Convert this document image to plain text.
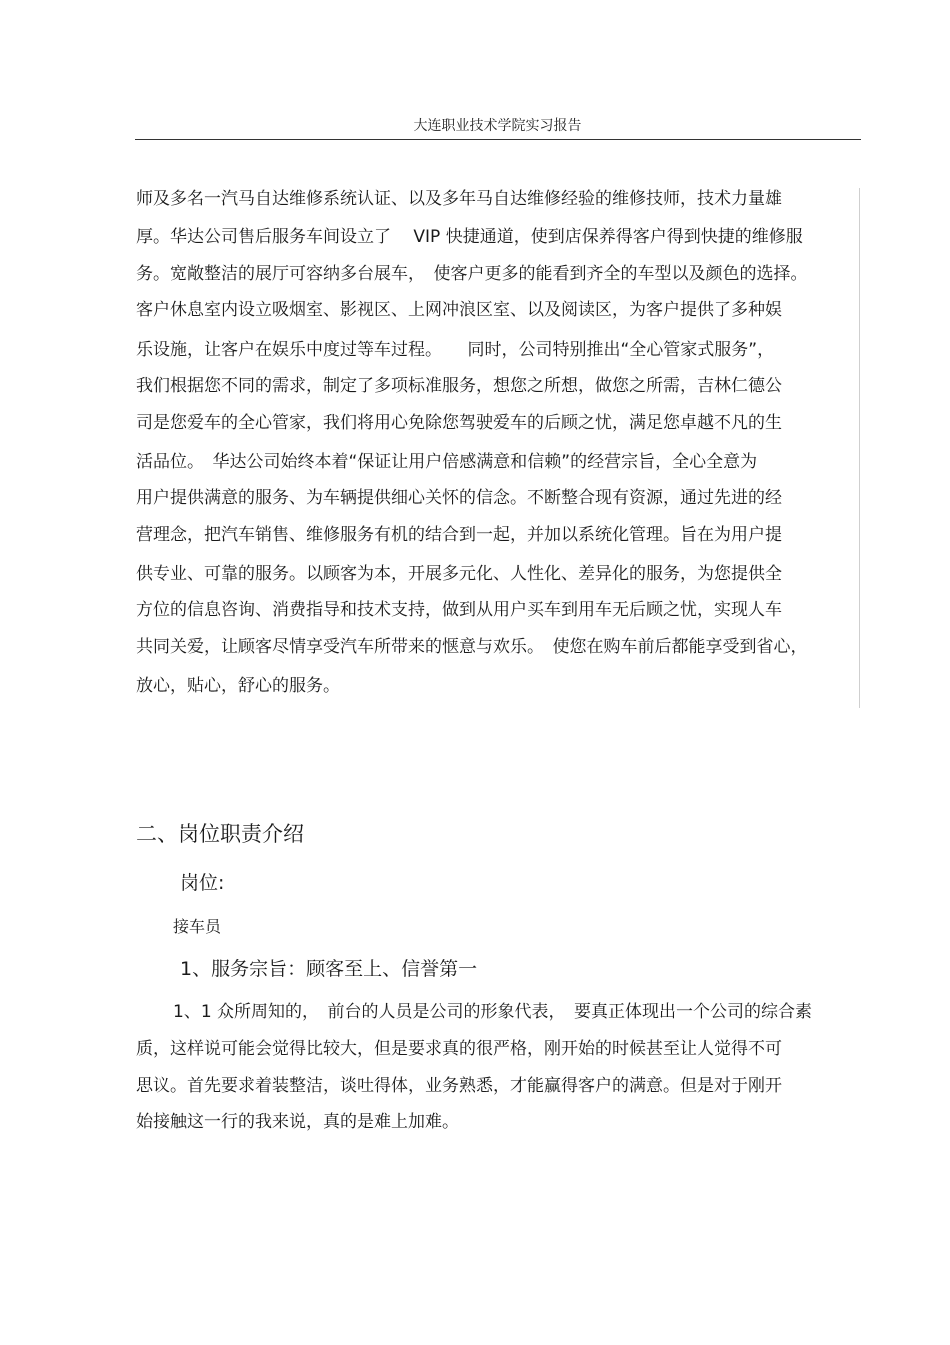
大连职业技术学院实习报告
师及多名一汽马自达维修系统认证、以及多年马自达维修经验的维修技师，技术力量雄
厚。华达公司售后服务车间设立了　 VIP 快捷通道，使到店保养得客户得到快捷的维修服
务。宽敞整洁的展厅可容纳多台展车，　使客户更多的能看到齐全的车型以及颜色的选择。
客户休息室内设立吸烟室、影视区、上网冲浪区室、以及阅读区，为客户提供了多种娱
乐设施，让客户在娱乐中度过等车过程。　　同时，公司特别推出“全心管家式服务”，
我们根据您不同的需求，制定了多项标准服务，想您之所想，做您之所需，吉林仁德公
司是您爱车的全心管家，我们将用心免除您驾驶爱车的后顾之忧，满足您卓越不凡的生
活品位。　华达公司始终本着“保证让用户倍感满意和信赖”的经营宗旨，全心全意为
用户提供满意的服务、为车辆提供细心关怀的信念。不断整合现有资源，通过先进的经
营理念，把汽车销售、维修服务有机的结合到一起，并加以系统化管理。旨在为用户提
供专业、可靠的服务。以顾客为本，开展多元化、人性化、差异化的服务，为您提供全
方位的信息咨询、消费指导和技术支持，做到从用户买车到用车无后顾之忧，实现人车
共同关爱，让顾客尽情享受汽车所带来的惬意与欢乐。　使您在购车前后都能享受到省心，
放心，贴心，舒心的服务。
二、岗位职责介绍
岗位:
接车员
1、服务宗旨：顾客至上、信誉第一
1、1 众所周知的，　前台的人员是公司的形象代表，　要真正体现出一个公司的综合素
质，这样说可能会觉得比较大，但是要求真的很严格，刚开始的时候甚至让人觉得不可
思议。首先要求着装整洁，谈吐得体，业务熟悉，才能赢得客户的满意。但是对于刚开
始接触这一行的我来说，真的是难上加难。
